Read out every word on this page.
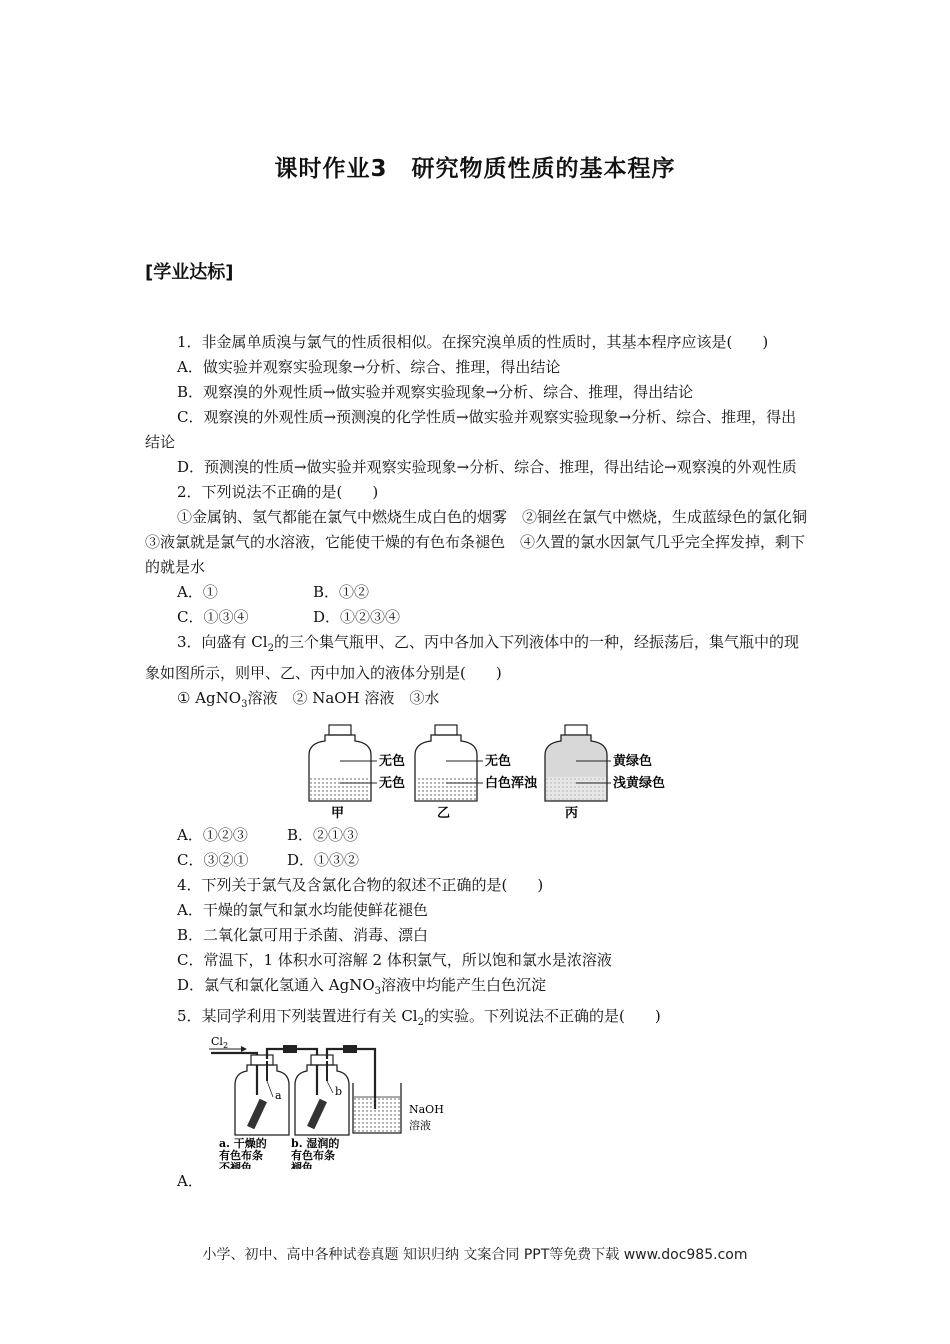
课时作业3　研究物质性质的基本程序
[学业达标]

1．非金属单质溴与氯气的性质很相似。在探究溴单质的性质时，其基本程序应该是(　　)

A．做实验并观察实验现象→分析、综合、推理，得出结论

B．观察溴的外观性质→做实验并观察实验现象→分析、综合、推理，得出结论

C．观察溴的外观性质→预测溴的化学性质→做实验并观察实验现象→分析、综合、推理，得出结论

D．预测溴的性质→做实验并观察实验现象→分析、综合、推理，得出结论→观察溴的外观性质

2．下列说法不正确的是(　　)

①金属钠、氢气都能在氯气中燃烧生成白色的烟雾　②铜丝在氯气中燃烧，生成蓝绿色的氯化铜　③液氯就是氯气的水溶液，它能使干燥的有色布条褪色　④久置的氯水因氯气几乎完全挥发掉，剩下的就是水

A．①	B．①②

C．①③④	D．①②③④

3．向盛有 $Cl_2$的三个集气瓶甲、乙、丙中各加入下列液体中的一种，经振荡后，集气瓶中的现象如图所示，则甲、乙、丙中加入的液体分别是(　　)

① AgNO$_3$溶液　② NaOH 溶液　③水

无色
无色
甲
无色
白色浑浊
乙
黄绿色
浅黄绿色
丙

A．①②③	B．②①③

C．③②①	D．①③②

4．下列关于氯气及含氯化合物的叙述不正确的是(　　)

A．干燥的氯气和氯水均能使鲜花褪色

B．二氧化氯可用于杀菌、消毒、漂白

C．常温下，1 体积水可溶解 2 体积氯气，所以饱和氯水是浓溶液

D．氯气和氯化氢通入 AgNO$_3$溶液中均能产生白色沉淀

5．某同学利用下列装置进行有关 $Cl_2$的实验。下列说法不正确的是(　　)

$Cl_2$
a	b
NaOH
溶液
a. 干燥的
有色布条
不褪色
b. 湿润的
有色布条
褪色

A．

小学、初中、高中各种试卷真题 知识归纳 文案合同 PPT等免费下载 www.doc985.com
